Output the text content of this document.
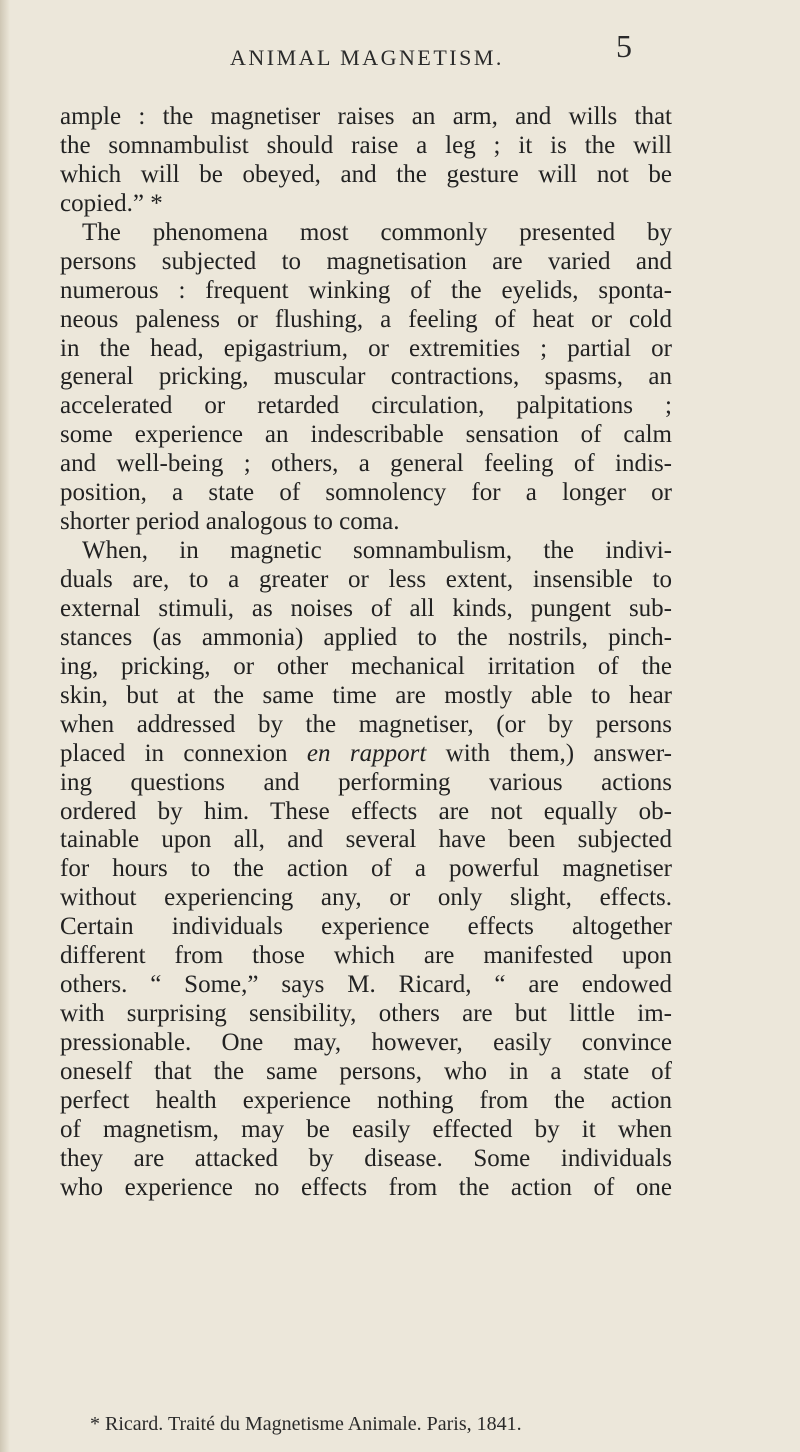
ANIMAL MAGNETISM.	5
ample : the magnetiser raises an arm, and wills that
the somnambulist should raise a leg ; it is the will
which will be obeyed, and the gesture will not be
copied.” *
The phenomena most commonly presented by
persons subjected to magnetisation are varied and
numerous : frequent winking of the eyelids, sponta-
neous paleness or flushing, a feeling of heat or cold
in the head, epigastrium, or extremities ; partial or
general pricking, muscular contractions, spasms, an
accelerated or retarded circulation, palpitations ;
some experience an indescribable sensation of calm
and well-being ; others, a general feeling of indis-
position, a state of somnolency for a longer or
shorter period analogous to coma.
When, in magnetic somnambulism, the indivi-
duals are, to a greater or less extent, insensible to
external stimuli, as noises of all kinds, pungent sub-
stances (as ammonia) applied to the nostrils, pinch-
ing, pricking, or other mechanical irritation of the
skin, but at the same time are mostly able to hear
when addressed by the magnetiser, (or by persons
placed in connexion en rapport with them,) answer-
ing questions and performing various actions
ordered by him. These effects are not equally ob-
tainable upon all, and several have been subjected
for hours to the action of a powerful magnetiser
without experiencing any, or only slight, effects.
Certain individuals experience effects altogether
different from those which are manifested upon
others. “ Some,” says M. Ricard, “ are endowed
with surprising sensibility, others are but little im-
pressionable. One may, however, easily convince
oneself that the same persons, who in a state of
perfect health experience nothing from the action
of magnetism, may be easily effected by it when
they are attacked by disease. Some individuals
who experience no effects from the action of one
* Ricard. Traité du Magnetisme Animale. Paris, 1841.
